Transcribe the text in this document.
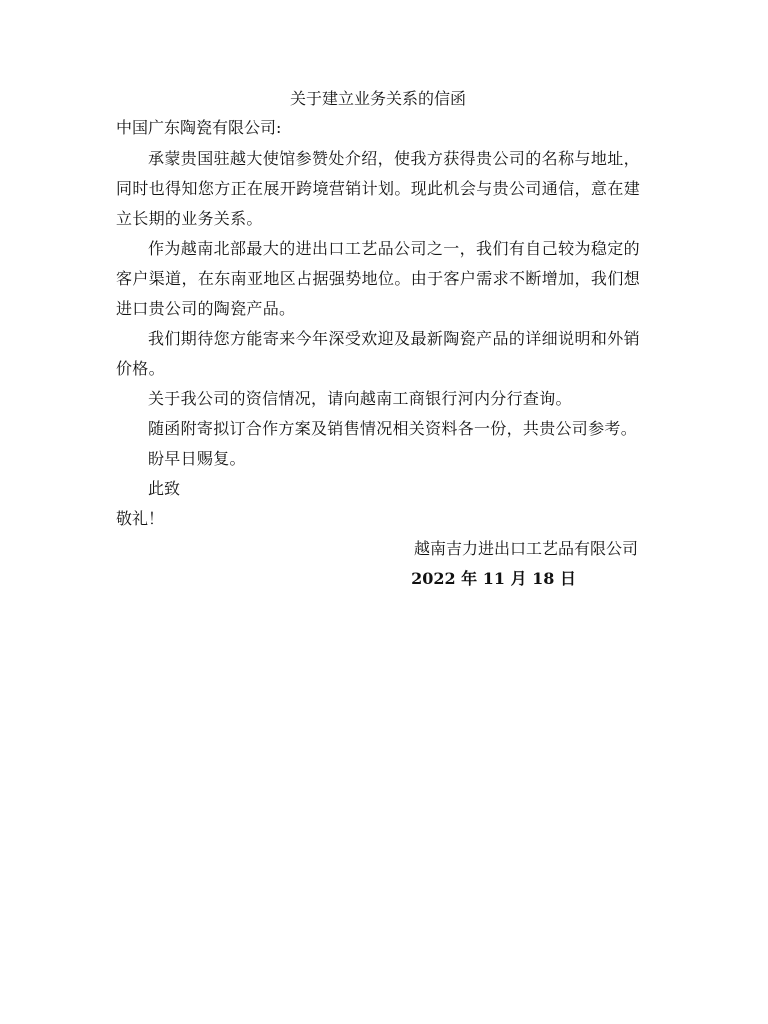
关于建立业务关系的信函

中国广东陶瓷有限公司:

承蒙贵国驻越大使馆参赞处介绍，使我方获得贵公司的名称与地址，同时也得知您方正在展开跨境营销计划。现此机会与贵公司通信，意在建立长期的业务关系。

作为越南北部最大的进出口工艺品公司之一，我们有自己较为稳定的客户渠道，在东南亚地区占据强势地位。由于客户需求不断增加，我们想进口贵公司的陶瓷产品。

我们期待您方能寄来今年深受欢迎及最新陶瓷产品的详细说明和外销价格。

关于我公司的资信情况，请向越南工商银行河内分行查询。

随函附寄拟订合作方案及销售情况相关资料各一份，共贵公司参考。

盼早日赐复。

此致

敬礼！

越南吉力进出口工艺品有限公司

2022 年 11 月 18 日
